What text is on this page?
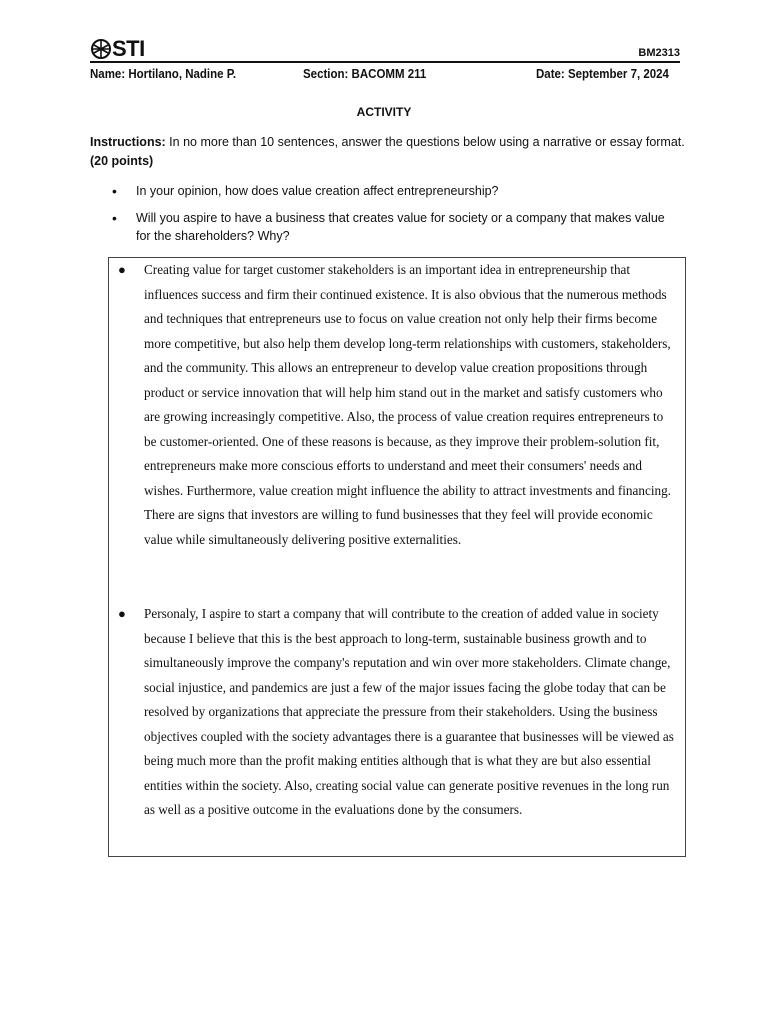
STI	BM2313
Name: Hortilano, Nadine P.	Section: BACOMM 211	Date: September 7, 2024
ACTIVITY
Instructions: In no more than 10 sentences, answer the questions below using a narrative or essay format.
(20 points)
• In your opinion, how does value creation affect entrepreneurship?
• Will you aspire to have a business that creates value for society or a company that makes value for the shareholders? Why?
● Creating value for target customer stakeholders is an important idea in entrepreneurship that influences success and firm their continued existence. It is also obvious that the numerous methods and techniques that entrepreneurs use to focus on value creation not only help their firms become more competitive, but also help them develop long-term relationships with customers, stakeholders, and the community. This allows an entrepreneur to develop value creation propositions through product or service innovation that will help him stand out in the market and satisfy customers who are growing increasingly competitive. Also, the process of value creation requires entrepreneurs to be customer-oriented. One of these reasons is because, as they improve their problem-solution fit, entrepreneurs make more conscious efforts to understand and meet their consumers' needs and wishes. Furthermore, value creation might influence the ability to attract investments and financing. There are signs that investors are willing to fund businesses that they feel will provide economic value while simultaneously delivering positive externalities.
● Personaly, I aspire to start a company that will contribute to the creation of added value in society because I believe that this is the best approach to long-term, sustainable business growth and to simultaneously improve the company's reputation and win over more stakeholders. Climate change, social injustice, and pandemics are just a few of the major issues facing the globe today that can be resolved by organizations that appreciate the pressure from their stakeholders. Using the business objectives coupled with the society advantages there is a guarantee that businesses will be viewed as being much more than the profit making entities although that is what they are but also essential entities within the society. Also, creating social value can generate positive revenues in the long run as well as a positive outcome in the evaluations done by the consumers.
